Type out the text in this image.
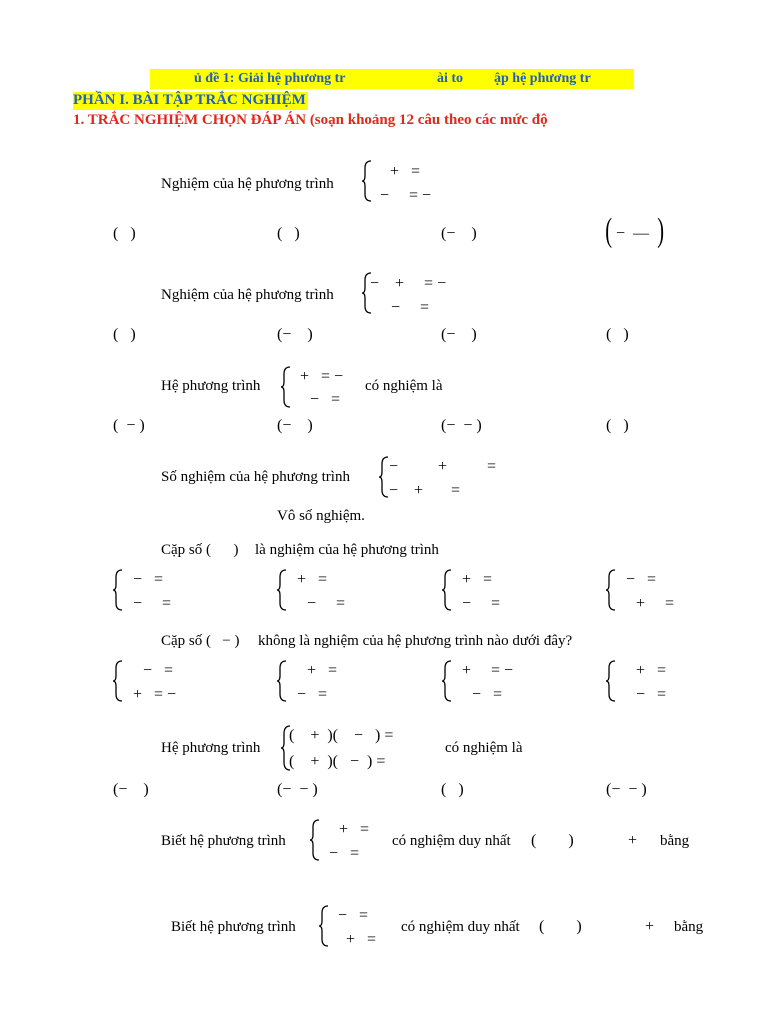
ủ đề 1: Giải hệ phương tr	ài to ập hệ phương tr
PHẦN I. BÀI TẬP TRẮC NGHIỆM
1. TRẮC NGHIỆM CHỌN ĐÁP ÁN (soạn khoảng 12 câu theo các mức độ
Nghiệm của hệ phương trình
+   =
−     = −
(   )	(   )	(−    )	( −  — )
Nghiệm của hệ phương trình
−    +     = −
−     =
(   )	(−    )	(−    )	(   )
Hệ phương trình
+   = −
−   =
có nghiệm là
(  − )	(−    )	(−  − )	(   )
Số nghiệm của hệ phương trình
−          +          =
−    +       =
Vô số nghiệm.
Cặp số (      ) là nghiệm của hệ phương trình
−   =
−     =
+   =
−     =
+   =
−     =
−   =
+     =
Cặp số (   − ) không là nghiệm của hệ phương trình nào dưới đây?
−   =
+   = −
+   =
−   =
+     = −
−   =
+   =
−   =
Hệ phương trình
(    +  )(    −   ) =
(    +  )(   −  ) =
có nghiệm là
(−    )	(−  − )	(   )	(−  − )
Biết hệ phương trình
+   =
−   =
có nghiệm duy nhất (        )	+ bằng
Biết hệ phương trình
−   =
+   =
có nghiệm duy nhất (        )	+ bằng
